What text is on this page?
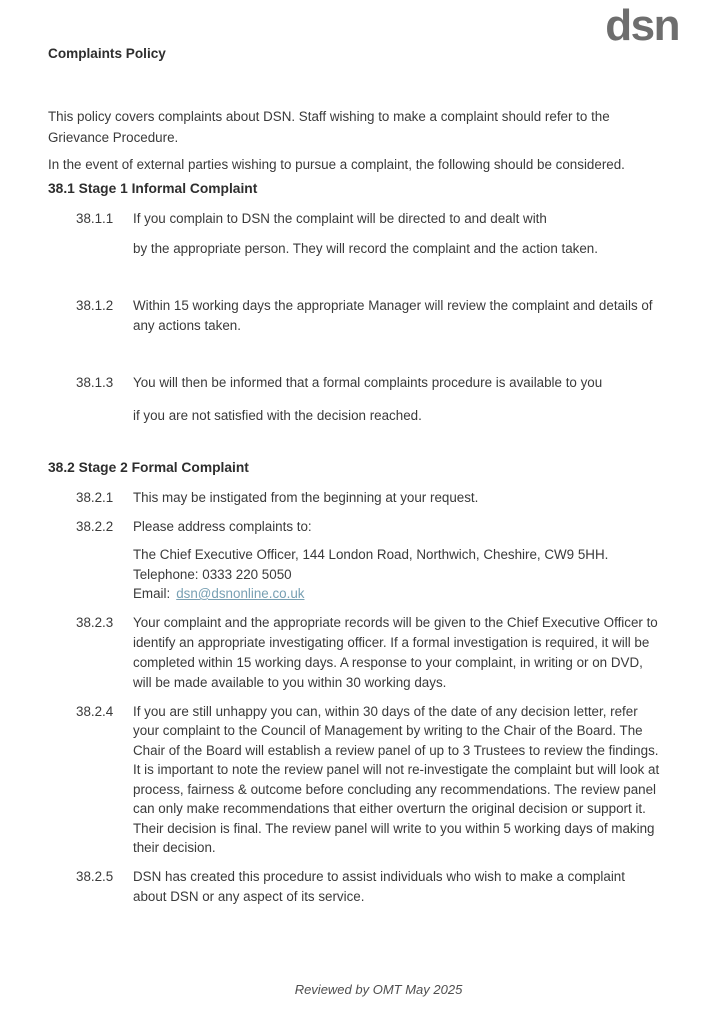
Complaints Policy
dsn

This policy covers complaints about DSN. Staff wishing to make a complaint should refer to the Grievance Procedure.

In the event of external parties wishing to pursue a complaint, the following should be considered.

38.1 Stage 1 Informal Complaint
38.1.1	If you complain to DSN the complaint will be directed to and dealt with

by the appropriate person. They will record the complaint and the action taken.

38.1.2	Within 15 working days the appropriate Manager will review the complaint and details of any actions taken.

38.1.3	You will then be informed that a formal complaints procedure is available to you

if you are not satisfied with the decision reached.

38.2 Stage 2 Formal Complaint
38.2.1	This may be instigated from the beginning at your request.

38.2.2	Please address complaints to:

The Chief Executive Officer, 144 London Road, Northwich, Cheshire, CW9 5HH.

Telephone: 0333 220 5050

Email: dsn@dsnonline.co.uk

38.2.3	Your complaint and the appropriate records will be given to the Chief Executive Officer to identify an appropriate investigating officer. If a formal investigation is required, it will be completed within 15 working days. A response to your complaint, in writing or on DVD, will be made available to you within 30 working days.

38.2.4	If you are still unhappy you can, within 30 days of the date of any decision letter, refer your complaint to the Council of Management by writing to the Chair of the Board. The Chair of the Board will establish a review panel of up to 3 Trustees to review the findings. It is important to note the review panel will not re-investigate the complaint but will look at process, fairness & outcome before concluding any recommendations. The review panel can only make recommendations that either overturn the original decision or support it. Their decision is final. The review panel will write to you within 5 working days of making their decision.

38.2.5	DSN has created this procedure to assist individuals who wish to make a complaint about DSN or any aspect of its service.

Reviewed by OMT May 2025
